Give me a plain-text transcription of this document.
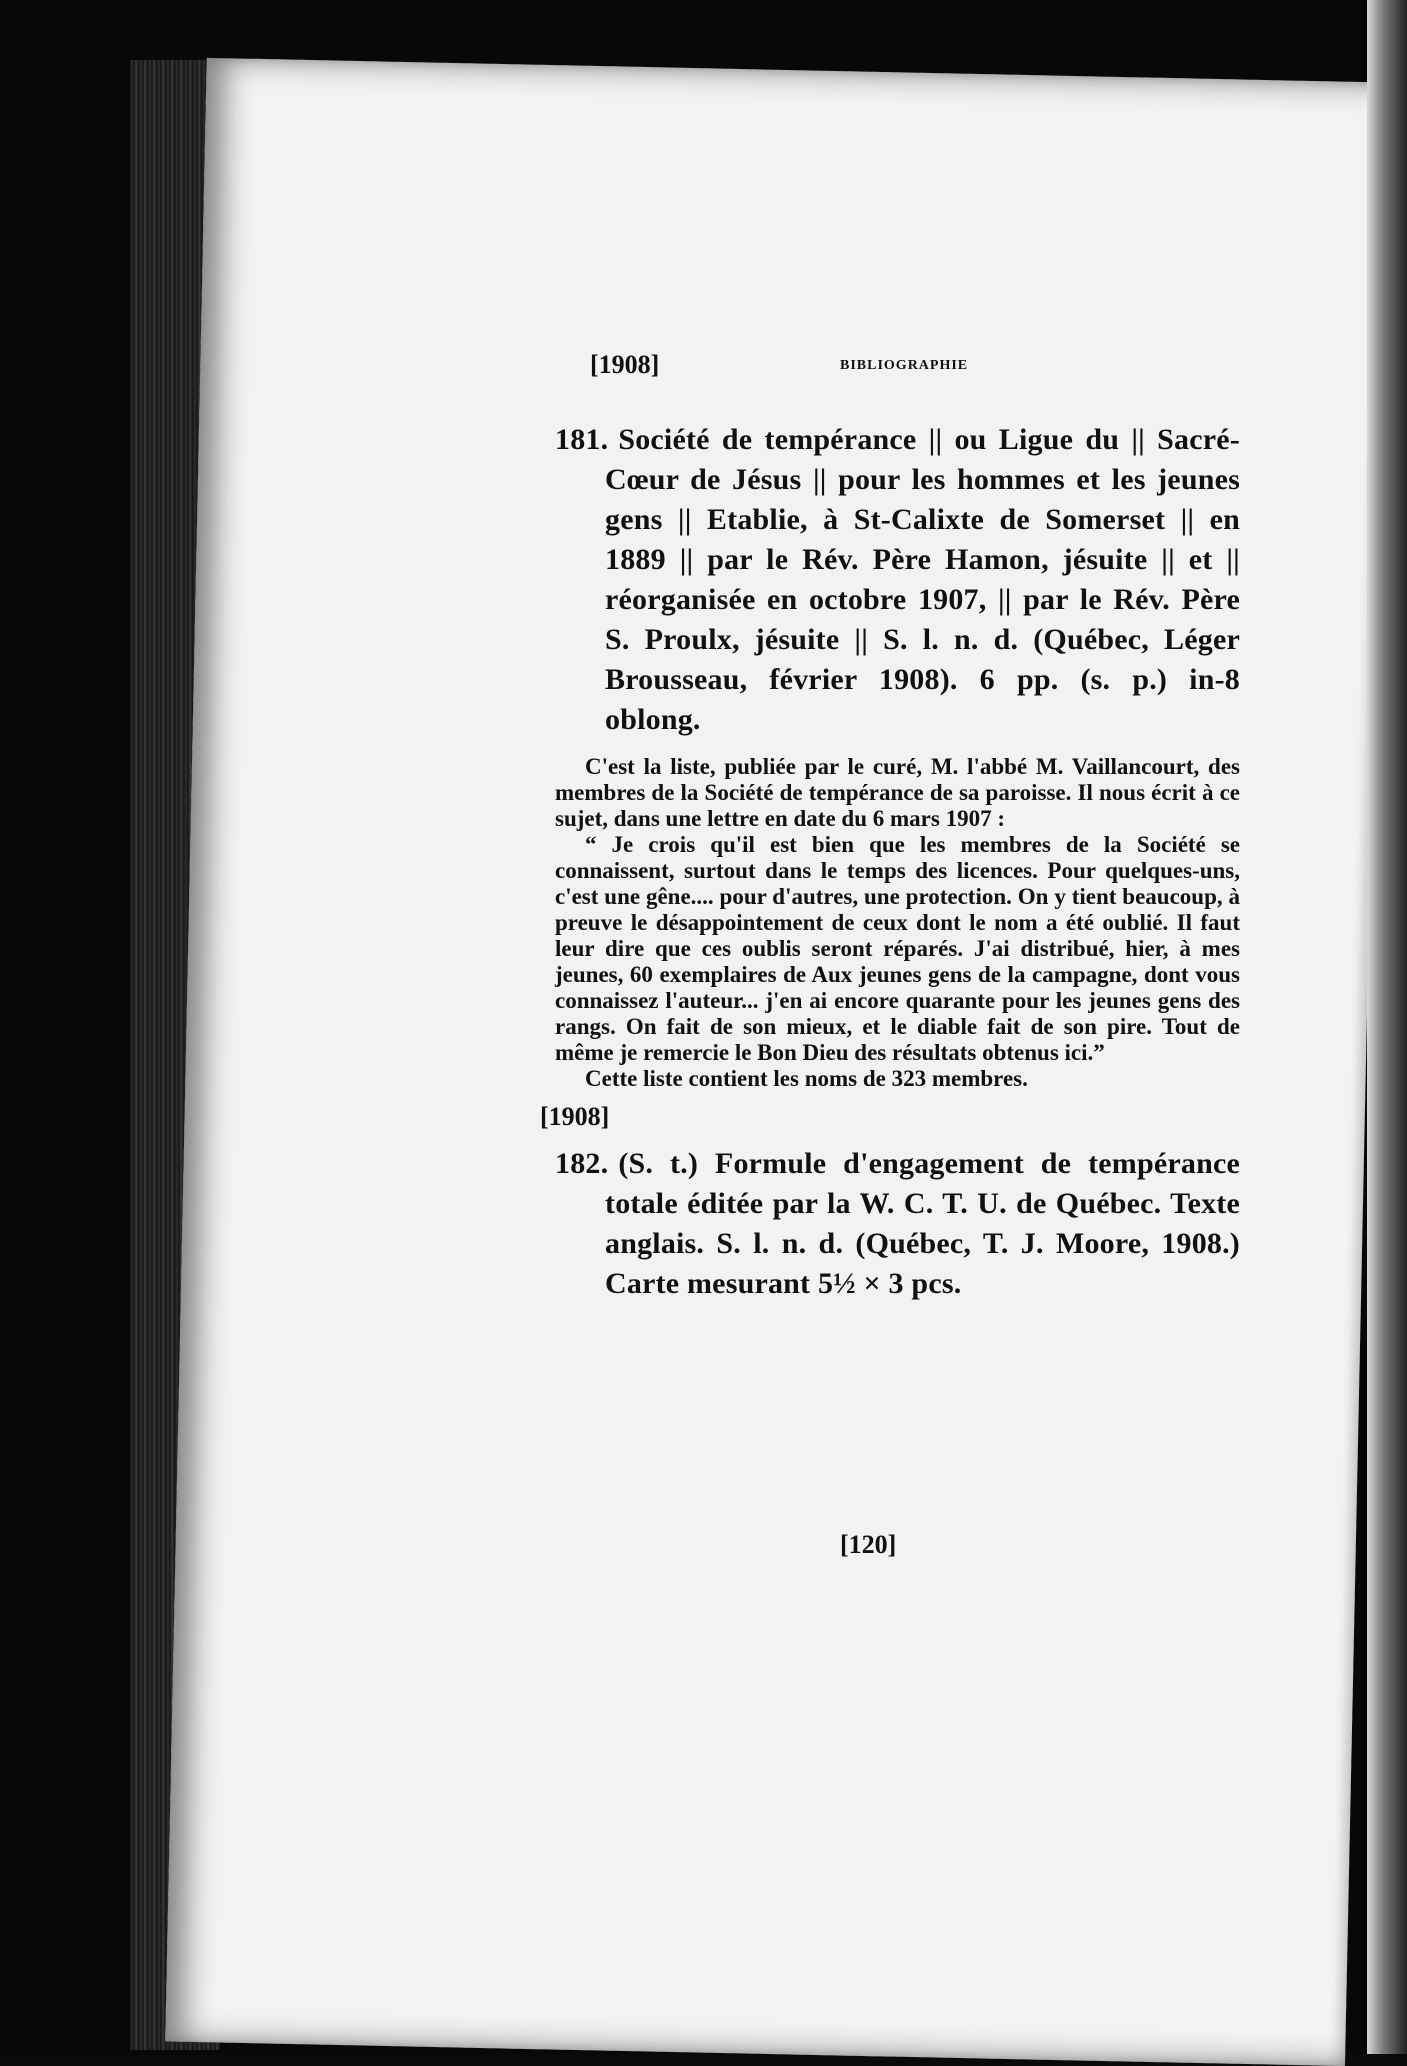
[1908]	BIBLIOGRAPHIE
181. Société de tempérance || ou Ligue du || Sacré-Cœur de Jésus || pour les hommes et les jeunes gens || Etablie, à St-Calixte de Somerset || en 1889 || par le Rév. Père Hamon, jésuite || et || réorganisée en octobre 1907, || par le Rév. Père S. Proulx, jésuite || S. l. n. d. (Québec, Léger Brousseau, février 1908). 6 pp. (s. p.) in-8 oblong.

C'est la liste, publiée par le curé, M. l'abbé M. Vaillancourt, des membres de la Société de tempérance de sa paroisse. Il nous écrit à ce sujet, dans une lettre en date du 6 mars 1907 :

“ Je crois qu'il est bien que les membres de la Société se connaissent, surtout dans le temps des licences. Pour quelques-uns, c'est une gêne.... pour d'autres, une protection. On y tient beaucoup, à preuve le désappointement de ceux dont le nom a été oublié. Il faut leur dire que ces oublis seront réparés. J'ai distribué, hier, à mes jeunes, 60 exemplaires de Aux jeunes gens de la campagne, dont vous connaissez l'auteur... j'en ai encore quarante pour les jeunes gens des rangs. On fait de son mieux, et le diable fait de son pire. Tout de même je remercie le Bon Dieu des résultats obtenus ici.”

Cette liste contient les noms de 323 membres.

[1908]
182. (S. t.) Formule d'engagement de tempérance totale éditée par la W. C. T. U. de Québec. Texte anglais. S. l. n. d. (Québec, T. J. Moore, 1908.) Carte mesurant 5½ × 3 pcs.
[120]
